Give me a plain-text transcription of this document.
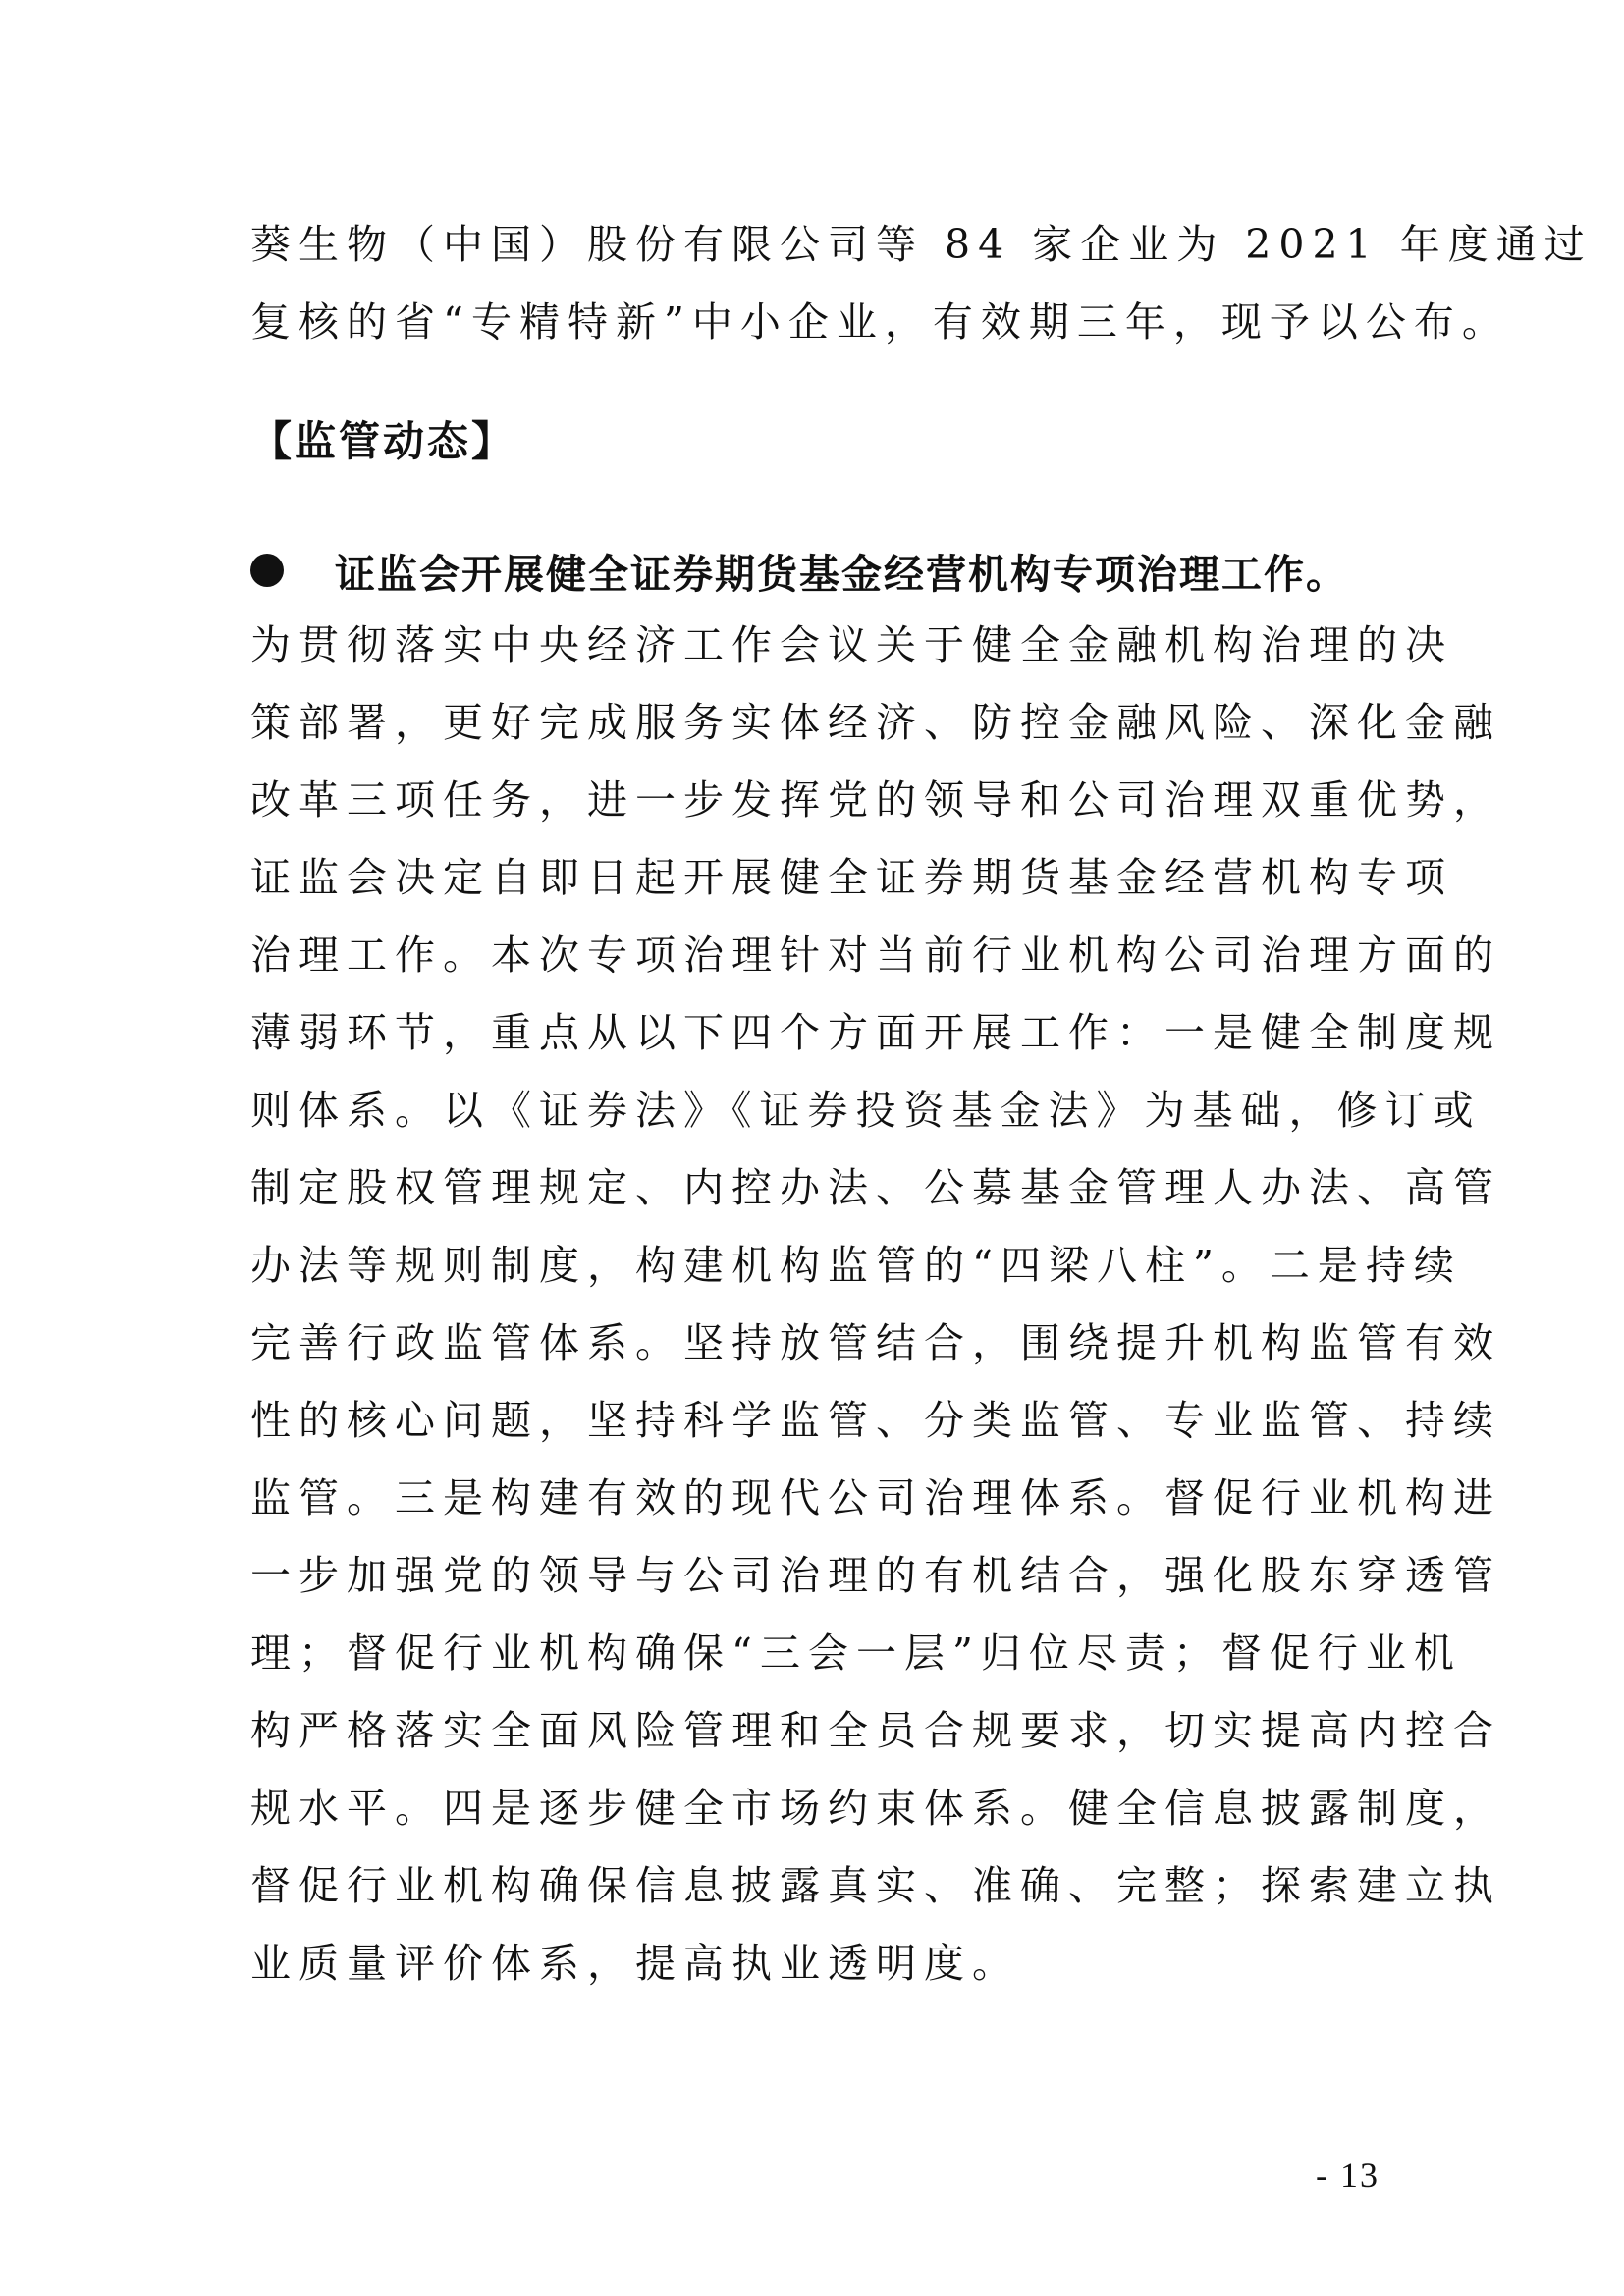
葵生物（中国）股份有限公司等 84 家企业为 2021 年度通过
复核的省“专精特新”中小企业，有效期三年，现予以公布。
【监管动态】
证监会开展健全证券期货基金经营机构专项治理工作。
为贯彻落实中央经济工作会议关于健全金融机构治理的决
策部署，更好完成服务实体经济、防控金融风险、深化金融
改革三项任务，进一步发挥党的领导和公司治理双重优势，
证监会决定自即日起开展健全证券期货基金经营机构专项
治理工作。本次专项治理针对当前行业机构公司治理方面的
薄弱环节，重点从以下四个方面开展工作：一是健全制度规
则体系。以《证券法》《证券投资基金法》为基础，修订或
制定股权管理规定、内控办法、公募基金管理人办法、高管
办法等规则制度，构建机构监管的“四梁八柱”。二是持续
完善行政监管体系。坚持放管结合，围绕提升机构监管有效
性的核心问题，坚持科学监管、分类监管、专业监管、持续
监管。三是构建有效的现代公司治理体系。督促行业机构进
一步加强党的领导与公司治理的有机结合，强化股东穿透管
理；督促行业机构确保“三会一层”归位尽责；督促行业机
构严格落实全面风险管理和全员合规要求，切实提高内控合
规水平。四是逐步健全市场约束体系。健全信息披露制度，
督促行业机构确保信息披露真实、准确、完整；探索建立执
业质量评价体系，提高执业透明度。
- 13
